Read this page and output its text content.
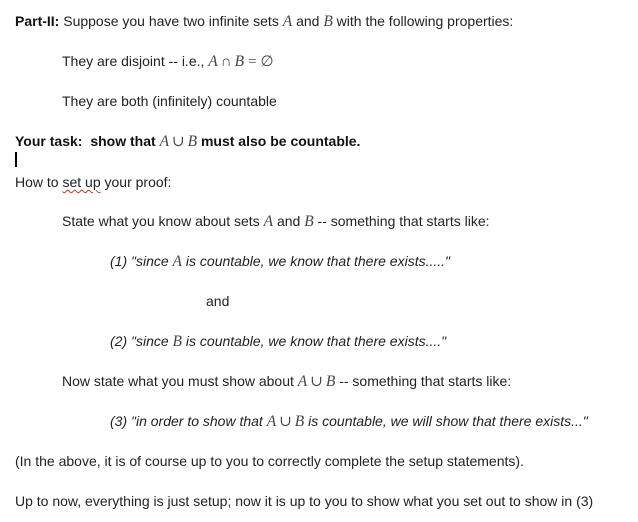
Part-II: Suppose you have two infinite sets A and B with the following properties:
They are disjoint -- i.e., A ∩ B = ∅
They are both (infinitely) countable
Your task: show that A ∪ B must also be countable.
How to set up your proof:
State what you know about sets A and B -- something that starts like:
(1) "since A is countable, we know that there exists....."
and
(2) "since B is countable, we know that there exists...."
Now state what you must show about A ∪ B -- something that starts like:
(3) "in order to show that A ∪ B is countable, we will show that there exists..."
(In the above, it is of course up to you to correctly complete the setup statements).
Up to now, everything is just setup; now it is up to you to show what you set out to show in (3)
